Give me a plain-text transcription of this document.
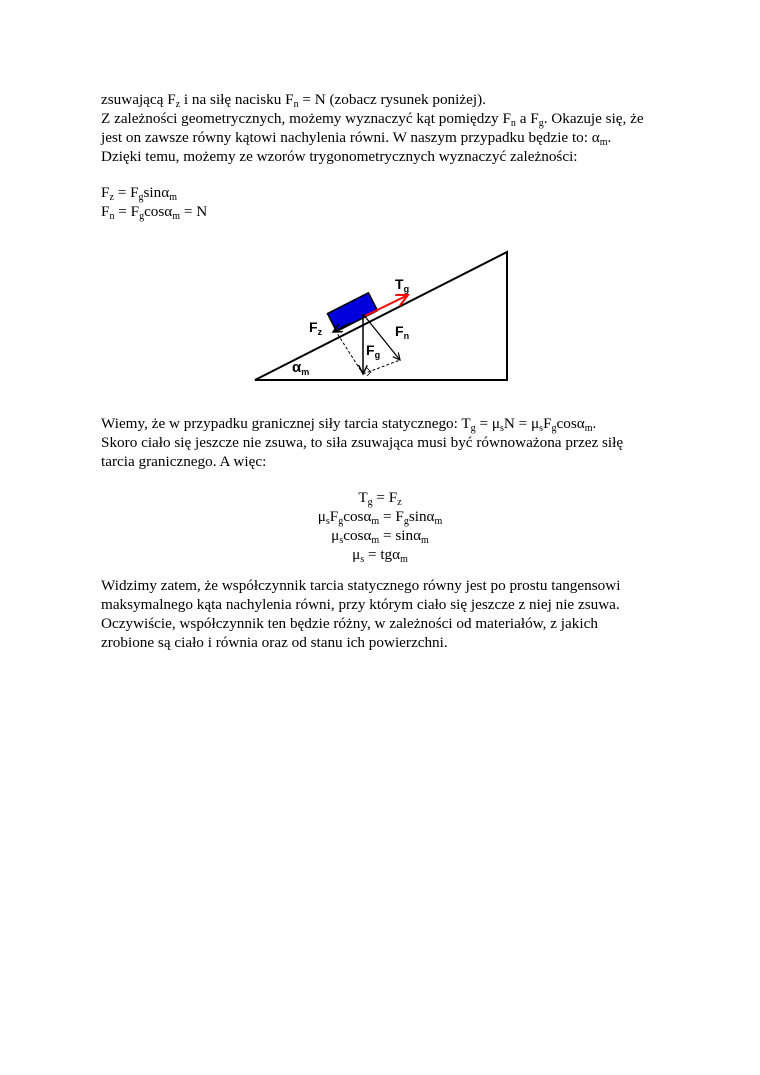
zsuwającą $F_z$ i na siłę nacisku $F_n = N$ (zobacz rysunek poniżej).
Z zależności geometrycznych, możemy wyznaczyć kąt pomiędzy $F_n$ a $F_g$. Okazuje się, że
jest on zawsze równy kątowi nachylenia równi. W naszym przypadku będzie to: $\alpha_m$.
Dzięki temu, możemy ze wzorów trygonometrycznych wyznaczyć zależności:
$F_z = F_g\sin\alpha_m$
$F_n = F_g\cos\alpha_m = N$
$T_g$
$F_z$	$F_n$
$F_g$
$\alpha_m$
Wiemy, że w przypadku granicznej siły tarcia statycznego: $T_g = \mu_sN = \mu_sF_g\cos\alpha_m$.
Skoro ciało się jeszcze nie zsuwa, to siła zsuwająca musi być równoważona przez siłę
tarcia granicznego. A więc:
$T_g = F_z$
$\mu_sF_g\cos\alpha_m = F_g\sin\alpha_m$
$\mu_s\cos\alpha_m = \sin\alpha_m$
$\mu_s = tg\alpha_m$
Widzimy zatem, że współczynnik tarcia statycznego równy jest po prostu tangensowi
maksymalnego kąta nachylenia równi, przy którym ciało się jeszcze z niej nie zsuwa.
Oczywiście, współczynnik ten będzie różny, w zależności od materiałów, z jakich
zrobione są ciało i równia oraz od stanu ich powierzchni.
